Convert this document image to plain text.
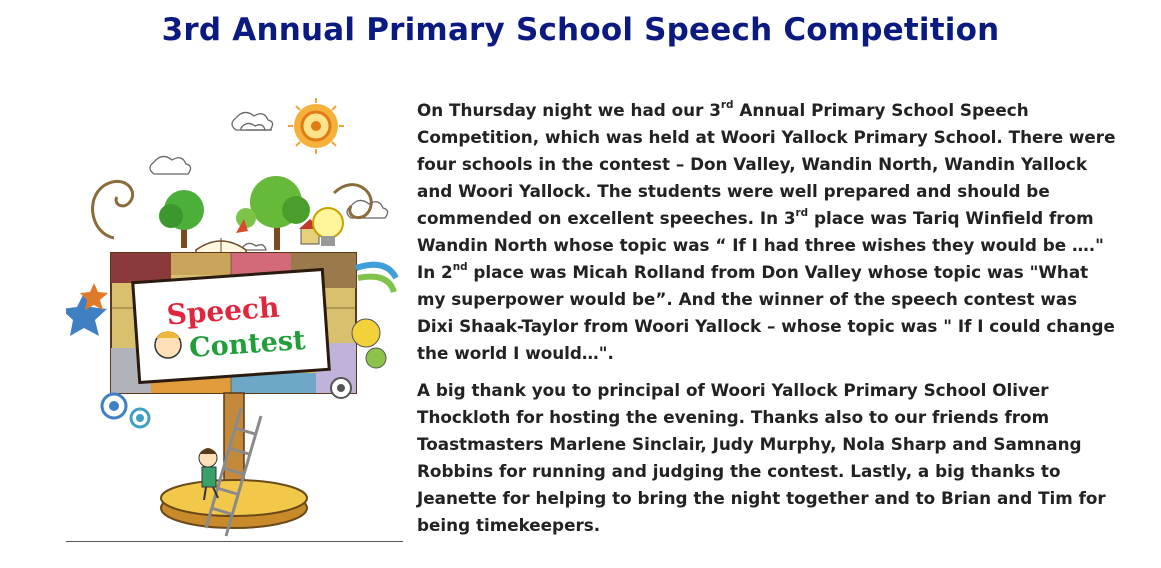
3rd Annual Primary School Speech Competition
Speech
Contest

On Thursday night we had our 3rd Annual Primary School Speech Competition, which was held at Woori Yallock Primary School. There were four schools in the contest – Don Valley, Wandin North, Wandin Yallock and Woori Yallock. The students were well prepared and should be commended on excellent speeches. In 3rd place was Tariq Winfield from Wandin North whose topic was “ If I had three wishes they would be …." In 2nd place was Micah Rolland from Don Valley whose topic was "What my superpower would be”. And the winner of the speech contest was Dixi Shaak-Taylor from Woori Yallock – whose topic was " If I could change the world I would…".

A big thank you to principal of Woori Yallock Primary School Oliver Thockloth for hosting the evening. Thanks also to our friends from Toastmasters Marlene Sinclair, Judy Murphy, Nola Sharp and Samnang Robbins for running and judging the contest. Lastly, a big thanks to Jeanette for helping to bring the night together and to Brian and Tim for being timekeepers.
